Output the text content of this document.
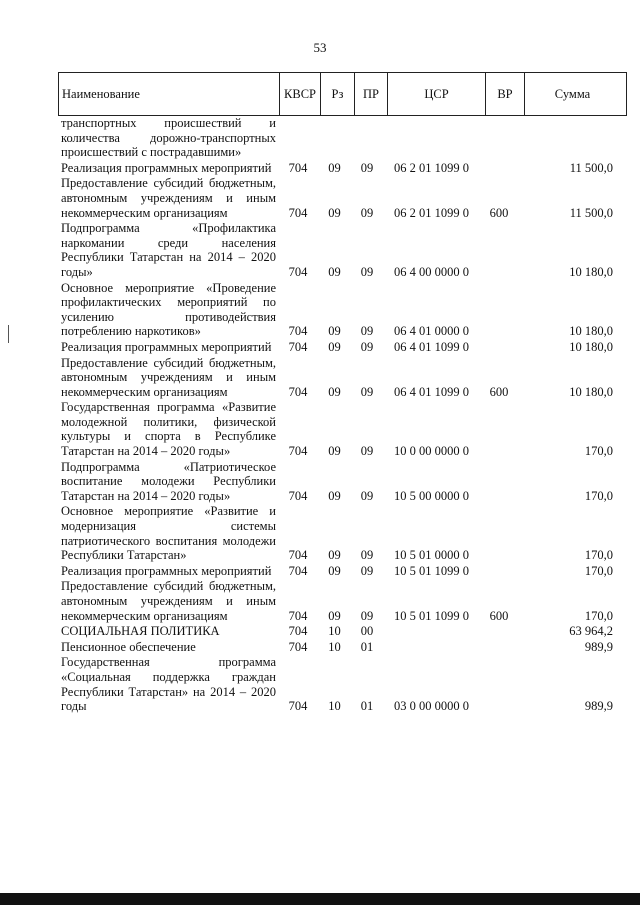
53
Наименование	КВСР	Рз	ПР	ЦСР	ВР	Сумма
транспортных происшествий и количества дорожно-транспортных происшествий с пострадавшими»						
Реализация программных мероприятий	704	09	09	06 2 01 1099 0		11 500,0
Предоставление субсидий бюджетным, автономным учреждениям и иным некоммерческим организациям	704	09	09	06 2 01 1099 0	600	11 500,0
Подпрограмма «Профилактика наркомании среди населения Республики Татарстан на 2014 – 2020 годы»	704	09	09	06 4 00 0000 0		10 180,0
Основное мероприятие «Проведение профилактических мероприятий по усилению противодействия потреблению наркотиков»	704	09	09	06 4 01 0000 0		10 180,0
Реализация программных мероприятий	704	09	09	06 4 01 1099 0		10 180,0
Предоставление субсидий бюджетным, автономным учреждениям и иным некоммерческим организациям	704	09	09	06 4 01 1099 0	600	10 180,0
Государственная программа «Развитие молодежной политики, физической культуры и спорта в Республике Татарстан на 2014 – 2020 годы»	704	09	09	10 0 00 0000 0		170,0
Подпрограмма «Патриотическое воспитание молодежи Республики Татарстан на 2014 – 2020 годы»	704	09	09	10 5 00 0000 0		170,0
Основное мероприятие «Развитие и модернизация системы патриотического воспитания молодежи Республики Татарстан»	704	09	09	10 5 01 0000 0		170,0
Реализация программных мероприятий	704	09	09	10 5 01 1099 0		170,0
Предоставление субсидий бюджетным, автономным учреждениям и иным некоммерческим организациям	704	09	09	10 5 01 1099 0	600	170,0
СОЦИАЛЬНАЯ ПОЛИТИКА	704	10	00			63 964,2
Пенсионное обеспечение	704	10	01			989,9
Государственная программа «Социальная поддержка граждан Республики Татарстан» на 2014 – 2020 годы	704	10	01	03 0 00 0000 0		989,9
